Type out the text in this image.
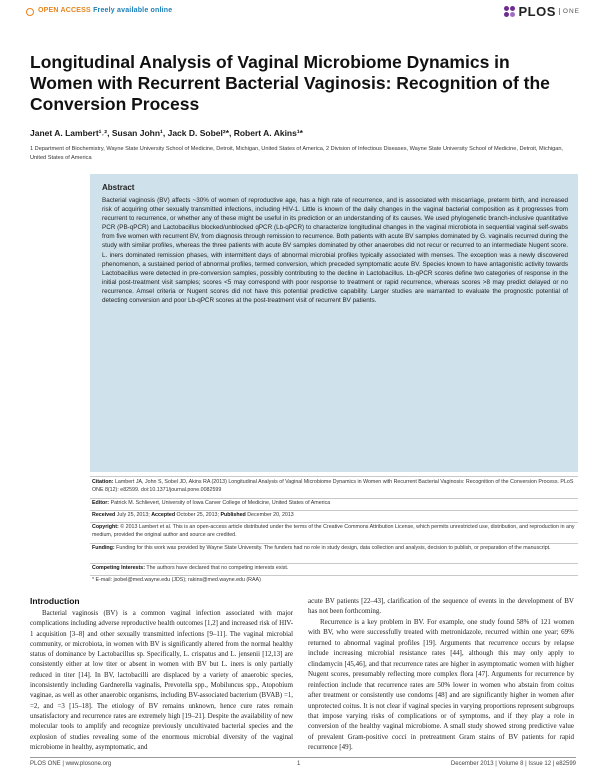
OPEN ACCESS Freely available online	PLOS	ONE
Longitudinal Analysis of Vaginal Microbiome Dynamics in Women with Recurrent Bacterial Vaginosis: Recognition of the Conversion Process
Janet A. Lambert¹˒², Susan John¹, Jack D. Sobel²*, Robert A. Akins¹*
1 Department of Biochemistry, Wayne State University School of Medicine, Detroit, Michigan, United States of America, 2 Division of Infectious Diseases, Wayne State University School of Medicine, Detroit, Michigan, United States of America
Abstract
Bacterial vaginosis (BV) affects ~30% of women of reproductive age, has a high rate of recurrence, and is associated with miscarriage, preterm birth, and increased risk of acquiring other sexually transmitted infections, including HIV-1. Little is known of the daily changes in the vaginal bacterial composition as it progresses from recurrent to recurrence, or whether any of these might be useful in its prediction or an understanding of its causes. We used phylogenetic branch-inclusive quantitative PCR (PB-qPCR) and Lactobacillus blocked/unblocked qPCR (Lb-qPCR) to characterize longitudinal changes in the vaginal microbiota in sequential vaginal self-swabs from five women with recurrent BV, from diagnosis through remission to recurrence. Both patients with acute BV samples dominated by G. vaginalis recurred during the study with similar profiles, whereas the three patients with acute BV samples dominated by other anaerobes did not recur or recurred to an intermediate Nugent score. L. iners dominated remission phases, with intermittent days of abnormal microbial profiles typically associated with menses. The exception was a newly discovered phenomenon, a sustained period of abnormal profiles, termed conversion, which preceded symptomatic acute BV. Species known to have antagonistic activity towards Lactobacillus were detected in pre-conversion samples, possibly contributing to the decline in Lactobacillus. Lb-qPCR scores define two categories of response in the initial post-treatment visit samples; scores <5 may correspond with poor response to treatment or rapid recurrence, whereas scores >8 may predict delayed or no recurrence. Amsel criteria or Nugent scores did not have this potential predictive capability. Larger studies are warranted to evaluate the prognostic potential of detecting conversion and poor Lb-qPCR scores at the post-treatment visit of recurrent BV patients.
Citation: Lambert JA, John S, Sobel JD, Akins RA (2013) Longitudinal Analysis of Vaginal Microbiome Dynamics in Women with Recurrent Bacterial Vaginosis: Recognition of the Conversion Process. PLoS ONE 8(12): e82599. doi:10.1371/journal.pone.0082599
Editor: Patrick M. Schlievert, University of Iowa Carver College of Medicine, United States of America
Received July 25, 2013; Accepted October 25, 2013; Published December 20, 2013
Copyright: © 2013 Lambert et al. This is an open-access article distributed under the terms of the Creative Commons Attribution License, which permits unrestricted use, distribution, and reproduction in any medium, provided the original author and source are credited.
Funding: Funding for this work was provided by Wayne State University. The funders had no role in study design, data collection and analysis, decision to publish, or preparation of the manuscript.
Competing Interests: The authors have declared that no competing interests exist.
* E-mail: jsobel@med.wayne.edu (JDS); rakins@med.wayne.edu (RAA)
Introduction

Bacterial vaginosis (BV) is a common vaginal infection associated with major complications including adverse reproductive health outcomes [1,2] and increased risk of HIV-1 acquisition [3–8] and other sexually transmitted infections [9–11]. The vaginal microbial community, or microbiota, in women with BV is significantly altered from the normal healthy status of dominance by Lactobacillus sp. Specifically, L. crispatus and L. jensenii [12,13] are consistently either at low titer or absent in women with BV but L. iners is only partially reduced in titer [14]. In BV, lactobacilli are displaced by a variety of anaerobic species, inconsistently including Gardnerella vaginalis, Prevotella spp., Mobiluncus spp., Atopobium vaginae, as well as other anaerobic organisms, including BV-associated bacterium (BVAB) =1, =2, and =3 [15–18]. The etiology of BV remains unknown, hence cure rates remain unsatisfactory and recurrence rates are extremely high [19–21]. Despite the availability of new molecular tools to amplify and recognize previously uncultivated bacterial species and the explosion of studies revealing some of the enormous microbial diversity of the vaginal microbiome in healthy, asymptomatic, and

acute BV patients [22–43], clarification of the sequence of events in the development of BV has not been forthcoming.

Recurrence is a key problem in BV. For example, one study found 58% of 121 women with BV, who were successfully treated with metronidazole, recurred within one year; 69% returned to abnormal vaginal profiles [19]. Arguments that recurrence occurs by relapse include increasing microbial resistance rates [44], although this may only apply to clindamycin [45,46], and that recurrence rates are higher in asymptomatic women with higher Nugent scores, presumably reflecting more complex flora [47]. Arguments for recurrence by reinfection include that recurrence rates are 50% lower in women who abstain from coitus after treatment or consistently use condoms [48] and are significantly higher in women after unprotected coitus. It is not clear if vaginal species in varying proportions represent subgroups that impose varying risks of complications or of symptoms, and if they play a role in conversion of the healthy vaginal microbiome. A small study showed strong predictive value of prevalent Gram-positive cocci in pretreatment Gram stains of BV patients for rapid recurrence [49].

PLOS ONE | www.plosone.org	1	December 2013 | Volume 8 | Issue 12 | e82599
